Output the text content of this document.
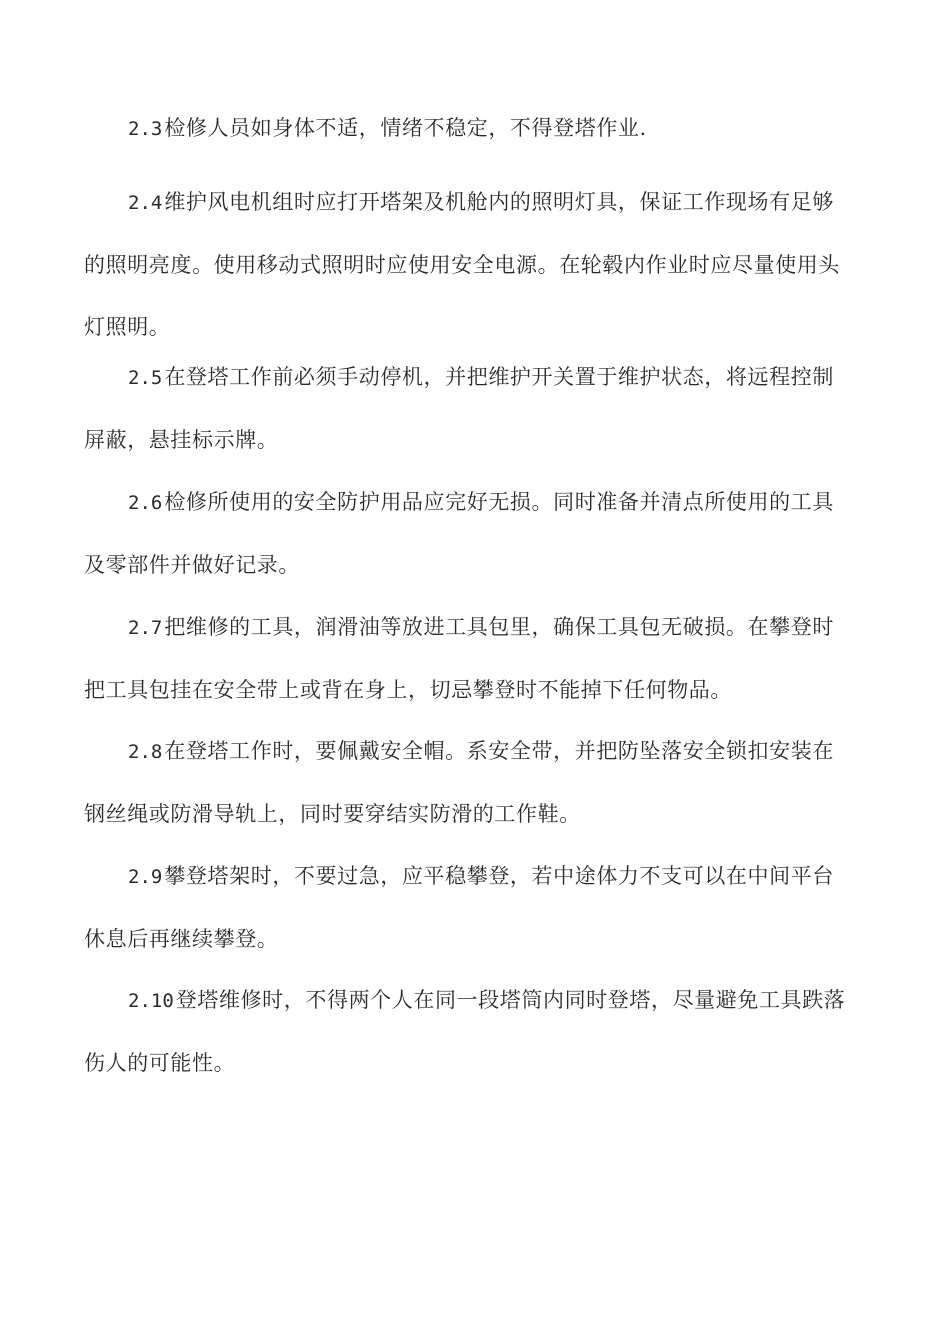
2.3检修人员如身体不适，情绪不稳定，不得登塔作业.

2.4维护风电机组时应打开塔架及机舱内的照明灯具，保证工作现场有足够的照明亮度。使用移动式照明时应使用安全电源。在轮毂内作业时应尽量使用头灯照明。

2.5在登塔工作前必须手动停机，并把维护开关置于维护状态，将远程控制屏蔽，悬挂标示牌。

2.6检修所使用的安全防护用品应完好无损。同时准备并清点所使用的工具及零部件并做好记录。

2.7把维修的工具，润滑油等放进工具包里，确保工具包无破损。在攀登时把工具包挂在安全带上或背在身上，切忌攀登时不能掉下任何物品。

2.8在登塔工作时，要佩戴安全帽。系安全带，并把防坠落安全锁扣安装在钢丝绳或防滑导轨上，同时要穿结实防滑的工作鞋。

2.9攀登塔架时，不要过急，应平稳攀登，若中途体力不支可以在中间平台休息后再继续攀登。

2.10登塔维修时，不得两个人在同一段塔筒内同时登塔，尽量避免工具跌落伤人的可能性。
